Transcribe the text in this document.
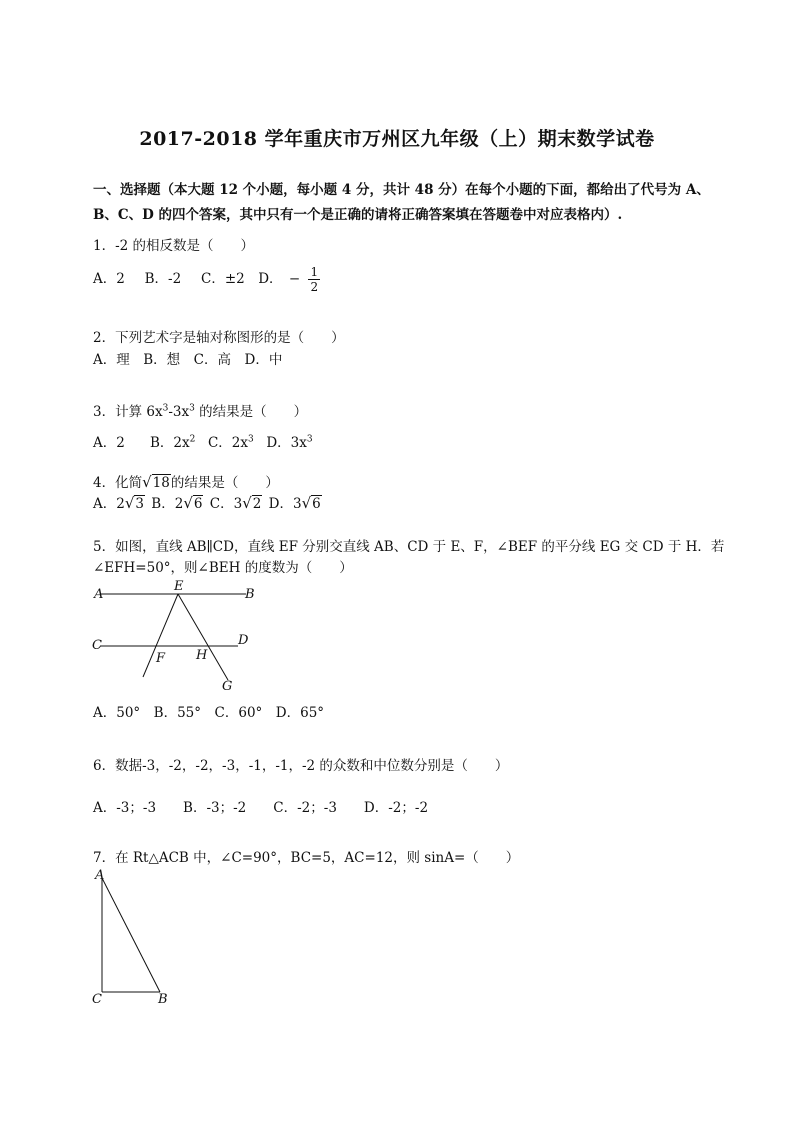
2017-2018 学年重庆市万州区九年级（上）期末数学试卷
一、选择题（本大题 12 个小题，每小题 4 分，共计 48 分）在每个小题的下面，都给出了代号为 A、
B、C、D 的四个答案，其中只有一个是正确的请将正确答案填在答题卷中对应表格内）.
1．-2 的相反数是（　　）
A．2　 B．-2　 C．±2　D． − $\frac{1}{2}$
2．下列艺术字是轴对称图形的是（　　）
A．理　B．想　C．高　D．中
3．计算 $6x^3-3x^3$ 的结果是（　　）
A．2 B．$2x^2$ C．$2x^3$ D．$3x^3$
4．化简√18的结果是（　　）
A．2√3 B．2√6 C．3√2 D．3√6
5．如图，直线 AB∥CD，直线 EF 分别交直线 AB、CD 于 E、F，∠BEF 的平分线 EG 交 CD 于 H．若
∠EFH=50°，则∠BEH 的度数为（　　）
A	B
E
C	D
F H
G
A．50°　B．55°　C．60°　D．65°
6．数据-3，-2，-2，-3，-1，-1，-2 的众数和中位数分别是（　　）
A．-3；-3　　B．-3；-2　　C．-2；-3　　D．-2；-2
7．在 Rt△ACB 中，∠C=90°，BC=5，AC=12，则 sinA=（　　）
A
C	B
